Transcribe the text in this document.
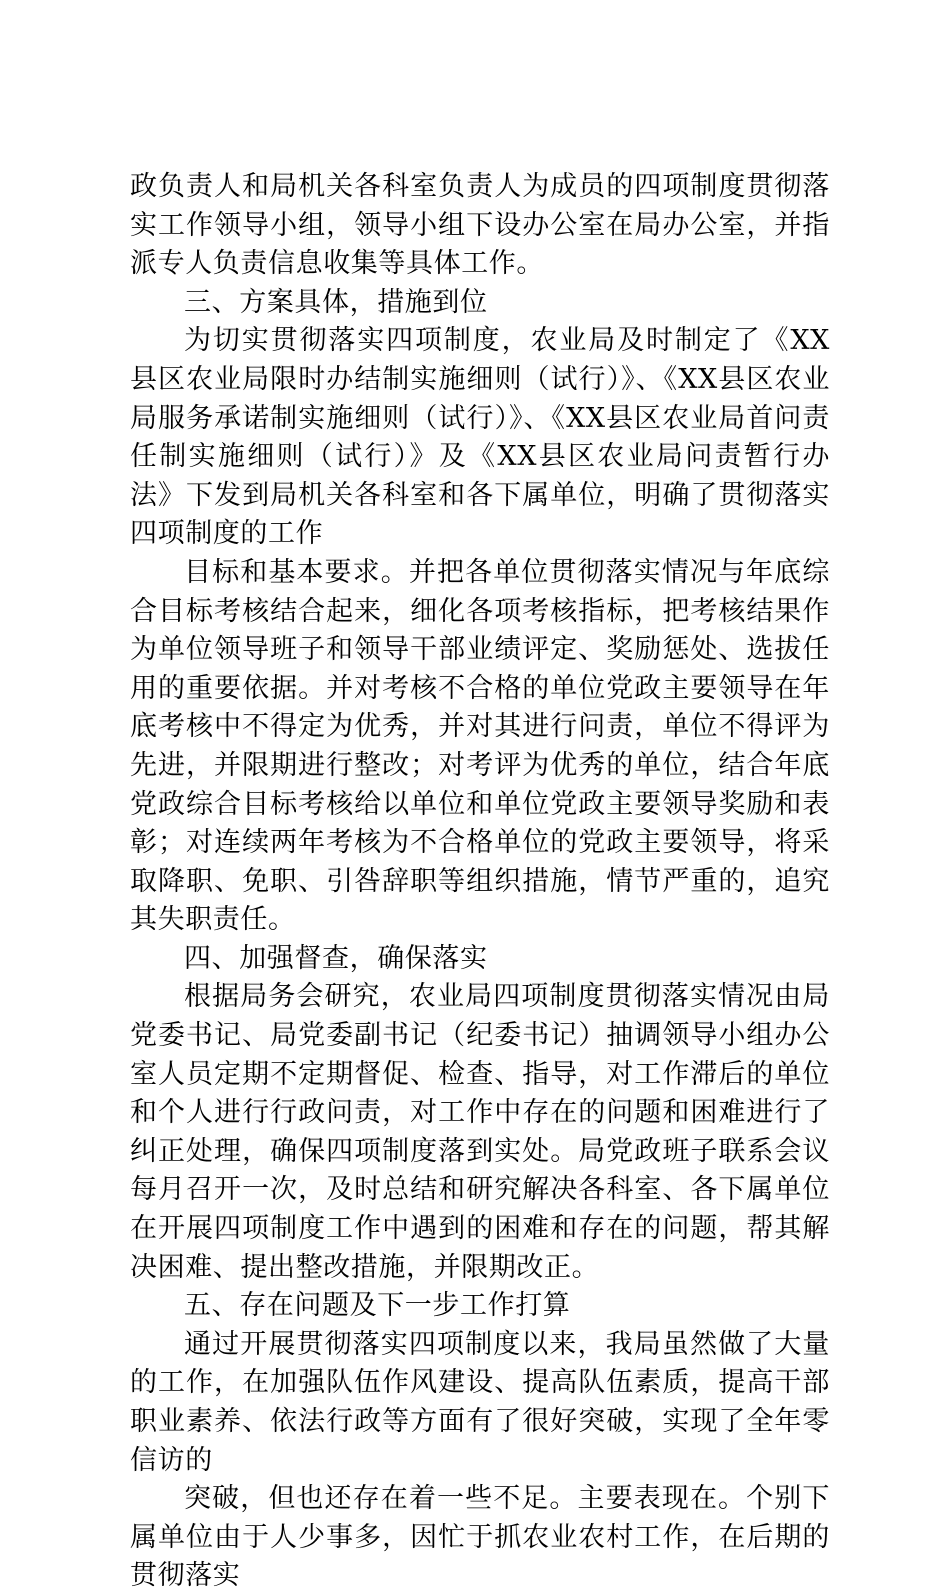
政负责人和局机关各科室负责人为成员的四项制度贯彻落实工作领导小组，领导小组下设办公室在局办公室，并指派专人负责信息收集等具体工作。

三、方案具体，措施到位

为切实贯彻落实四项制度，农业局及时制定了《XX县区农业局限时办结制实施细则（试行）》、《XX县区农业局服务承诺制实施细则（试行）》、《XX县区农业局首问责任制实施细则（试行）》及《XX县区农业局问责暂行办法》下发到局机关各科室和各下属单位，明确了贯彻落实四项制度的工作

目标和基本要求。并把各单位贯彻落实情况与年底综合目标考核结合起来，细化各项考核指标，把考核结果作为单位领导班子和领导干部业绩评定、奖励惩处、选拔任用的重要依据。并对考核不合格的单位党政主要领导在年底考核中不得定为优秀，并对其进行问责，单位不得评为先进，并限期进行整改；对考评为优秀的单位，结合年底党政综合目标考核给以单位和单位党政主要领导奖励和表彰；对连续两年考核为不合格单位的党政主要领导，将采取降职、免职、引咎辞职等组织措施，情节严重的，追究其失职责任。

四、加强督查，确保落实

根据局务会研究，农业局四项制度贯彻落实情况由局党委书记、局党委副书记（纪委书记）抽调领导小组办公室人员定期不定期督促、检查、指导，对工作滞后的单位和个人进行行政问责，对工作中存在的问题和困难进行了纠正处理，确保四项制度落到实处。局党政班子联系会议每月召开一次，及时总结和研究解决各科室、各下属单位在开展四项制度工作中遇到的困难和存在的问题，帮其解决困难、提出整改措施，并限期改正。

五、存在问题及下一步工作打算

通过开展贯彻落实四项制度以来，我局虽然做了大量的工作，在加强队伍作风建设、提高队伍素质，提高干部职业素养、依法行政等方面有了很好突破，实现了全年零信访的

突破，但也还存在着一些不足。主要表现在。个别下属单位由于人少事多，因忙于抓农业农村工作，在后期的贯彻落实
